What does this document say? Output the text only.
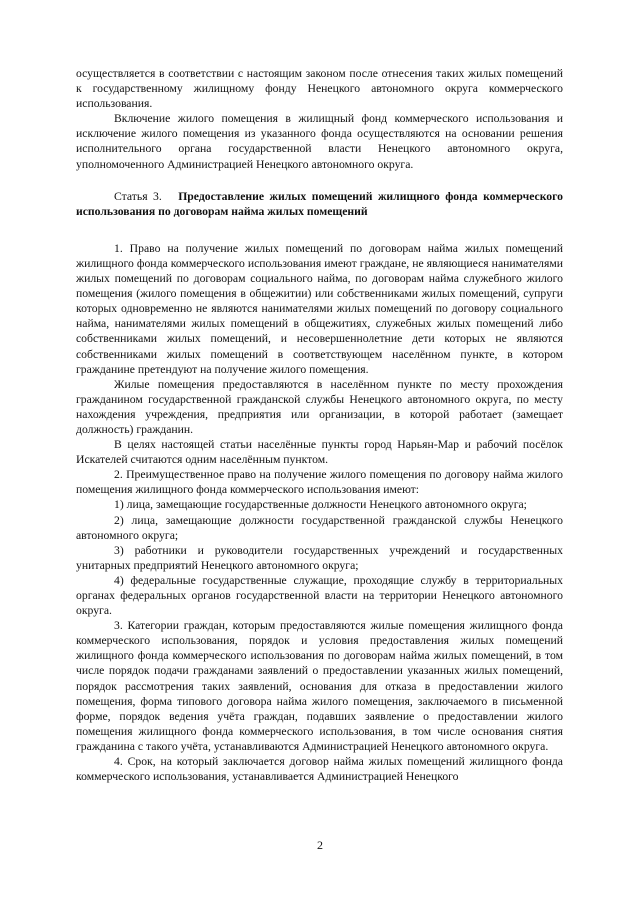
осуществляется в соответствии с настоящим законом после отнесения таких жилых помещений к государственному жилищному фонду Ненецкого автономного округа коммерческого использования.

Включение жилого помещения в жилищный фонд коммерческого использования и исключение жилого помещения из указанного фонда осуществляются на основании решения исполнительного органа государственной власти Ненецкого автономного округа, уполномоченного Администрацией Ненецкого автономного округа.

Статья 3. Предоставление жилых помещений жилищного фонда коммерческого использования по договорам найма жилых помещений

1. Право на получение жилых помещений по договорам найма жилых помещений жилищного фонда коммерческого использования имеют граждане, не являющиеся нанимателями жилых помещений по договорам социального найма, по договорам найма служебного жилого помещения (жилого помещения в общежитии) или собственниками жилых помещений, супруги которых одновременно не являются нанимателями жилых помещений по договору социального найма, нанимателями жилых помещений в общежитиях, служебных жилых помещений либо собственниками жилых помещений, и несовершеннолетние дети которых не являются собственниками жилых помещений в соответствующем населённом пункте, в котором гражданине претендуют на получение жилого помещения.

Жилые помещения предоставляются в населённом пункте по месту прохождения гражданином государственной гражданской службы Ненецкого автономного округа, по месту нахождения учреждения, предприятия или организации, в которой работает (замещает должность) гражданин.

В целях настоящей статьи населённые пункты город Нарьян-Мар и рабочий посёлок Искателей считаются одним населённым пунктом.

2. Преимущественное право на получение жилого помещения по договору найма жилого помещения жилищного фонда коммерческого использования имеют:

1) лица, замещающие государственные должности Ненецкого автономного округа;

2) лица, замещающие должности государственной гражданской службы Ненецкого автономного округа;

3) работники и руководители государственных учреждений и государственных унитарных предприятий Ненецкого автономного округа;

4) федеральные государственные служащие, проходящие службу в территориальных органах федеральных органов государственной власти на территории Ненецкого автономного округа.

3. Категории граждан, которым предоставляются жилые помещения жилищного фонда коммерческого использования, порядок и условия предоставления жилых помещений жилищного фонда коммерческого использования по договорам найма жилых помещений, в том числе порядок подачи гражданами заявлений о предоставлении указанных жилых помещений, порядок рассмотрения таких заявлений, основания для отказа в предоставлении жилого помещения, форма типового договора найма жилого помещения, заключаемого в письменной форме, порядок ведения учёта граждан, подавших заявление о предоставлении жилого помещения жилищного фонда коммерческого использования, в том числе основания снятия гражданина с такого учёта, устанавливаются Администрацией Ненецкого автономного округа.

4. Срок, на который заключается договор найма жилых помещений жилищного фонда коммерческого использования, устанавливается Администрацией Ненецкого

2
